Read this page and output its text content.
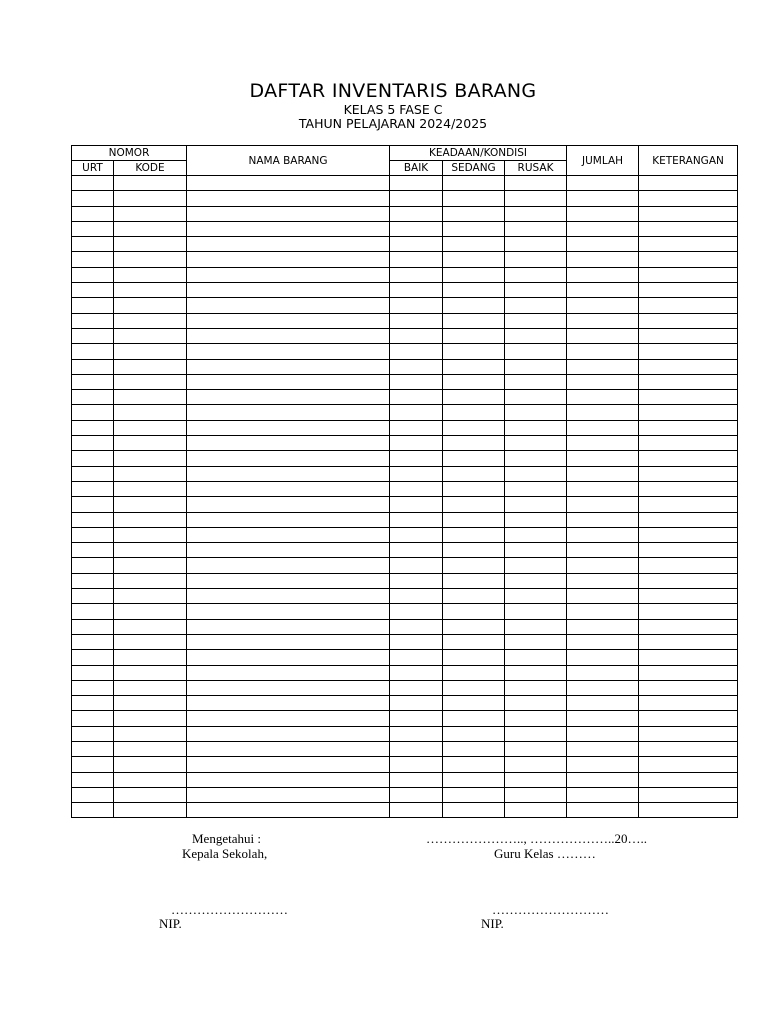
DAFTAR INVENTARIS BARANG
KELAS 5 FASE C
TAHUN PELAJARAN 2024/2025
NOMOR		NAMA BARANG	KEADAAN/KONDISI			JUMLAH	KETERANGAN
URT	KODE		BAIK	SEDANG	RUSAK		

Mengetahui :
Kepala Sekolah,
………………………
NIP.
………………….., ………………..20…..
Guru Kelas ………
………………………
NIP.
